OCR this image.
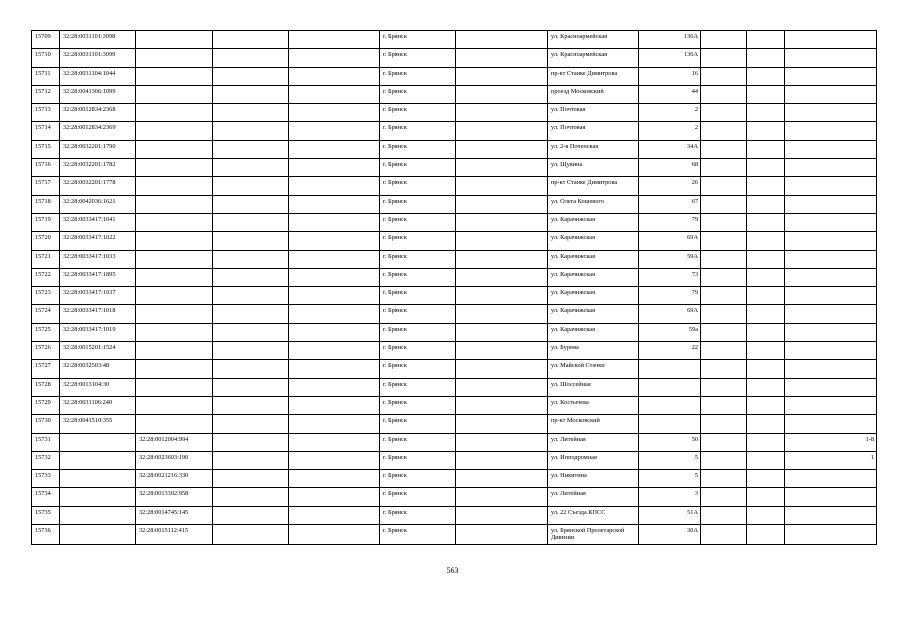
15709	32:28:0031101:3098				г. Брянск		ул. Красноармейская	136А			
15710	32:28:0031101:3099				г. Брянск		ул. Красноармейская	136А			
15711	32:28:0031104:1044				г. Брянск		пр-кт Станке Димитрова	16			
15712	32:28:0041306:1099				г. Брянск		проезд Московский	44			
15713	32:28:0012834:2368				г. Брянск		ул. Почтовая	2			
15714	32:28:0012834:2369				г. Брянск		ул. Почтовая	2			
15715	32:28:0032201:1790				г. Брянск		ул. 2-я Почепская	34А			
15716	32:28:0032201:1782				г. Брянск		ул. Щукина	68			
15717	32:28:0032201:1778				г. Брянск		пр-кт Станке Димитрова	26			
15718	32:28:0042036:1621				г. Брянск		ул. Олега Кошевого	67			
15719	32:28:0033417:1041				г. Брянск		ул. Карачижская	79			
15720	32:28:0033417:1022				г. Брянск		ул. Карачижская	69А			
15721	32:28:0033417:1033				г. Брянск		ул. Карачижская	59А			
15722	32:28:0033417:1895				г. Брянск		ул. Карачижская	73			
15723	32:28:0033417:1037				г. Брянск		ул. Карачижская	79			
15724	32:28:0033417:1018				г. Брянск		ул. Карачижская	69А			
15725	32:28:0033417:1019				г. Брянск		ул. Карачижская	59а			
15726	32:28:0015201:1524				г. Брянск		ул. Бурова	22			
15727	32:28:0032503:48				г. Брянск		ул. Майской Стачки				
15728	32:28:0013104:30				г. Брянск		ул. Шоссейная				
15729	32:28:0031106:240				г. Брянск		ул. Костычева				
15730	32:28:0041510:355				г. Брянск		пр-кт Московский				
15731		32:28:0012004:994			г. Брянск		ул. Литейная	50			1-8
15732		32:28:0023603:190			г. Брянск		ул. Ипподромная	5			1
15733		32:28:0021216:330			г. Брянск		ул. Никитина	5			
15734		32:28:0013302:958			г. Брянск		ул. Литейная	3			
15735		32:28:0014745:145			г. Брянск		ул. 22 Съезда КПСС	51А			
15736		32:28:0015112:415			г. Брянск		ул. Брянской Пролетарской Дивизии	30А			
563
